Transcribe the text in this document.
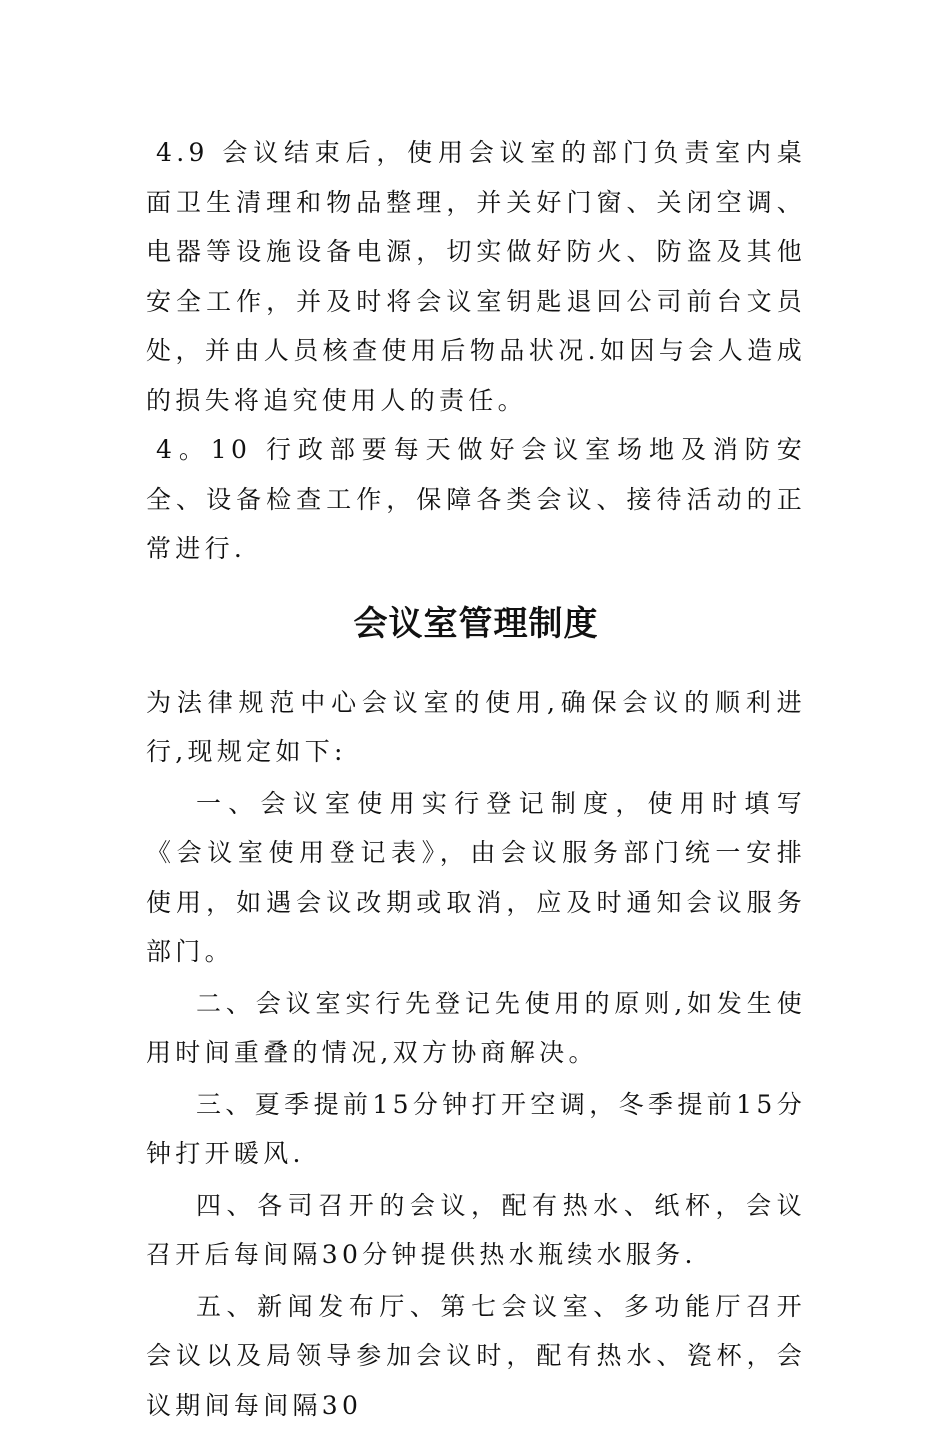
4.9 会议结束后，使用会议室的部门负责室内桌面卫生清理和物品整理，并关好门窗、关闭空调、电器等设施设备电源，切实做好防火、防盗及其他安全工作，并及时将会议室钥匙退回公司前台文员处，并由人员核查使用后物品状况.如因与会人造成的损失将追究使用人的责任。

4。10 行政部要每天做好会议室场地及消防安全、设备检查工作，保障各类会议、接待活动的正常进行.

会议室管理制度

为法律规范中心会议室的使用,确保会议的顺利进行,现规定如下:

一、会议室使用实行登记制度，使用时填写《会议室使用登记表》，由会议服务部门统一安排使用，如遇会议改期或取消，应及时通知会议服务部门。

二、会议室实行先登记先使用的原则,如发生使用时间重叠的情况,双方协商解决。

三、夏季提前15分钟打开空调，冬季提前15分钟打开暖风.

四、各司召开的会议，配有热水、纸杯，会议召开后每间隔30分钟提供热水瓶续水服务.

五、新闻发布厅、第七会议室、多功能厅召开会议以及局领导参加会议时，配有热水、瓷杯，会议期间每间隔30
